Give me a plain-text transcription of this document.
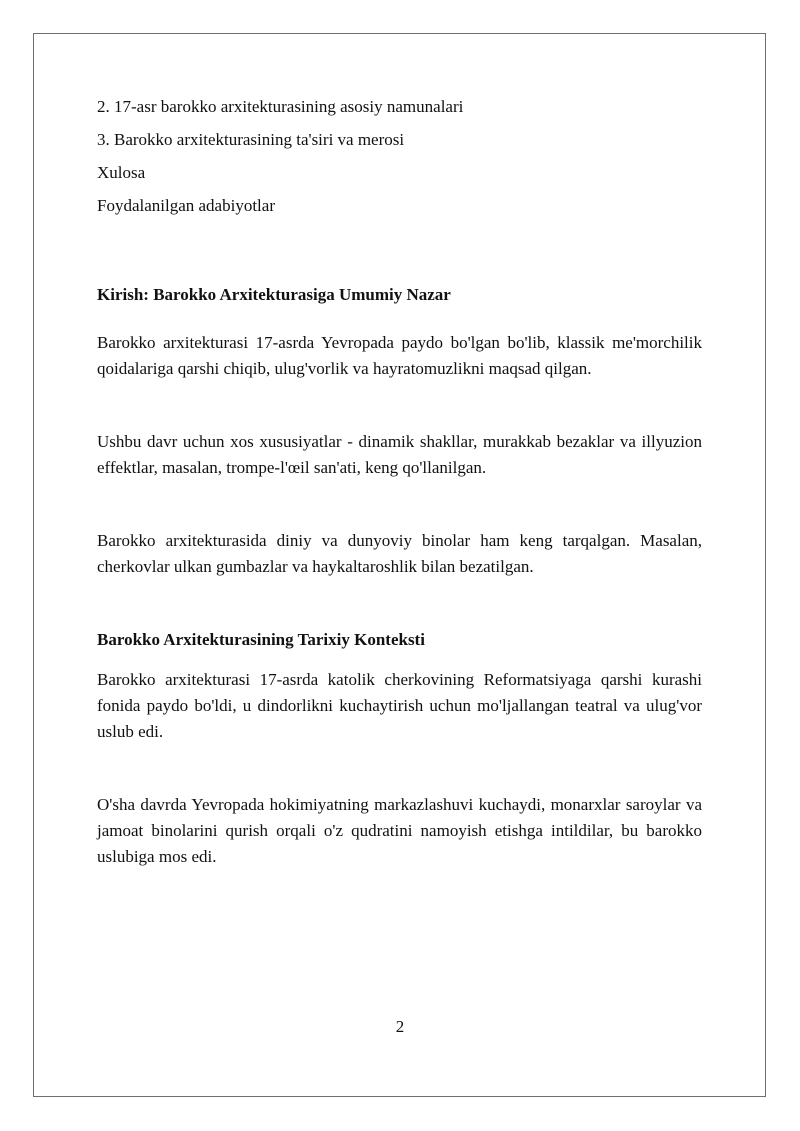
2. 17-asr barokko arxitekturasining asosiy namunalari

3. Barokko arxitekturasining ta'siri va merosi

Xulosa

Foydalanilgan adabiyotlar

Kirish: Barokko Arxitekturasiga Umumiy Nazar

Barokko arxitekturasi 17-asrda Yevropada paydo bo'lgan bo'lib, klassik me'morchilik qoidalariga qarshi chiqib, ulug'vorlik va hayratomuzlikni maqsad qilgan.

Ushbu davr uchun xos xususiyatlar - dinamik shakllar, murakkab bezaklar va illyuzion effektlar, masalan, trompe-l'œil san'ati, keng qo'llanilgan.

Barokko arxitekturasida diniy va dunyoviy binolar ham keng tarqalgan. Masalan, cherkovlar ulkan gumbazlar va haykaltaroshlik bilan bezatilgan.

Barokko Arxitekturasining Tarixiy Konteksti

Barokko arxitekturasi 17-asrda katolik cherkovining Reformatsiyaga qarshi kurashi fonida paydo bo'ldi, u dindorlikni kuchaytirish uchun mo'ljallangan teatral va ulug'vor uslub edi.

O'sha davrda Yevropada hokimiyatning markazlashuvi kuchaydi, monarxlar saroylar va jamoat binolarini qurish orqali o'z qudratini namoyish etishga intildilar, bu barokko uslubiga mos edi.

2
